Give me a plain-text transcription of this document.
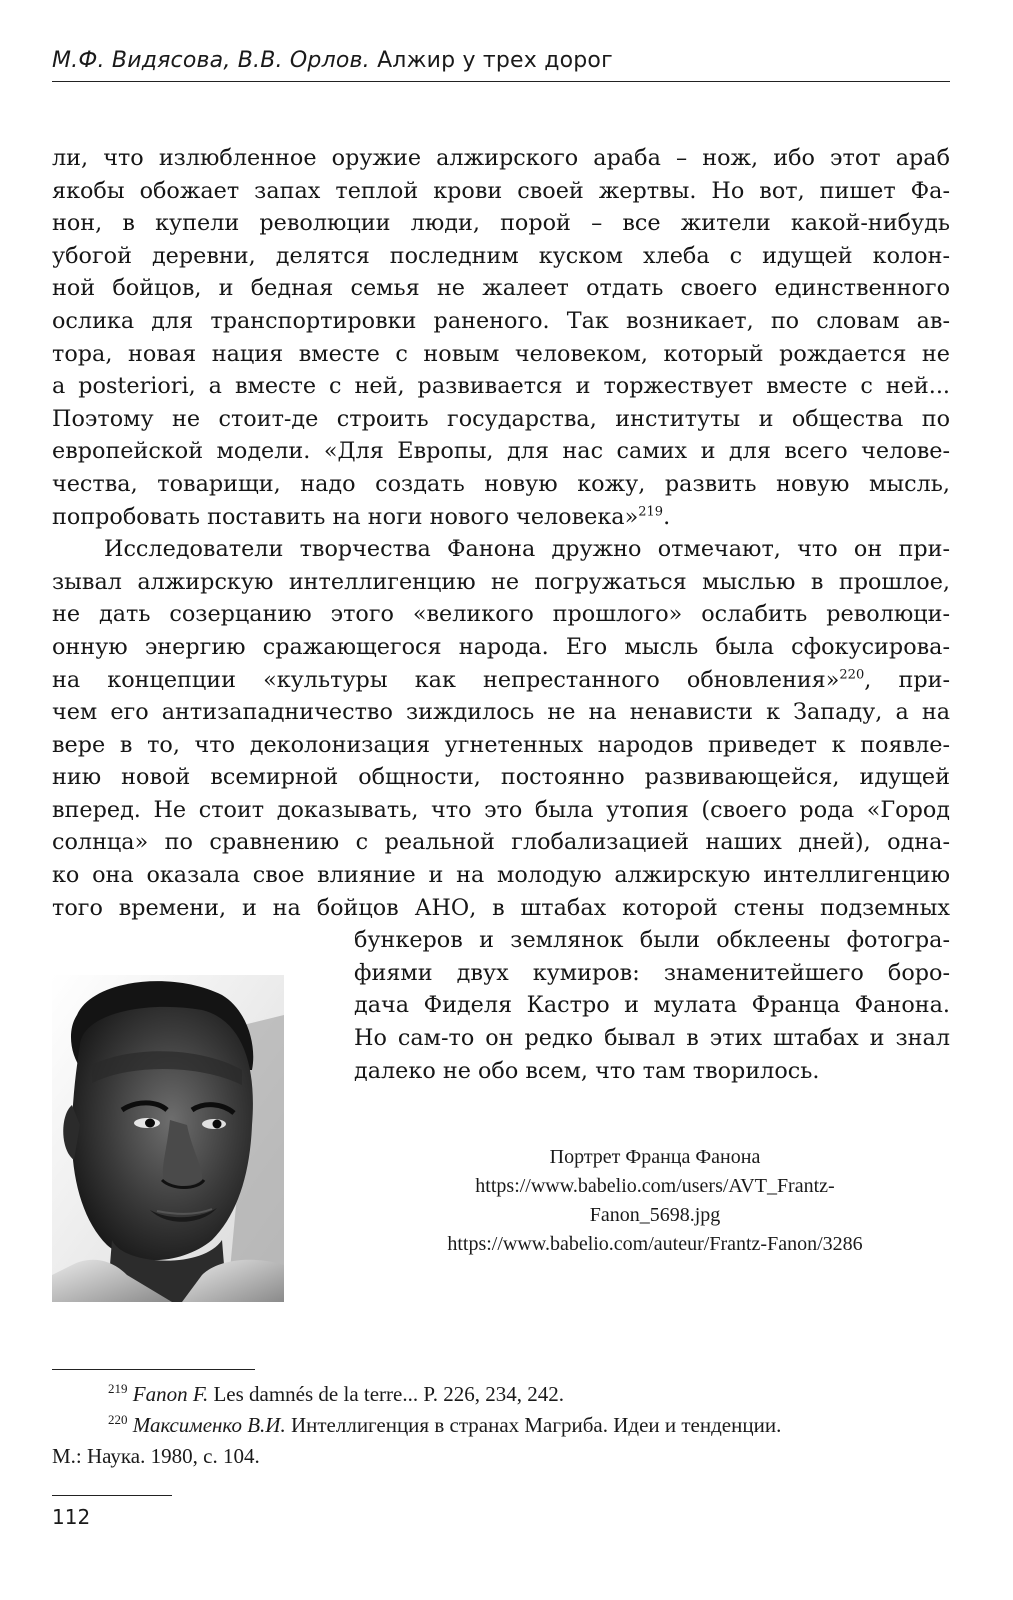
М.Ф. Видясова, В.В. Орлов. Алжир у трех дорог
ли, что излюбленное оружие алжирского араба – нож, ибо этот араб
якобы обожает запах теплой крови своей жертвы. Но вот, пишет Фа-
нон, в купели революции люди, порой – все жители какой-нибудь
убогой деревни, делятся последним куском хлеба с идущей колон-
ной бойцов, и бедная семья не жалеет отдать своего единственного
ослика для транспортировки раненого. Так возникает, по словам ав-
тора, новая нация вместе с новым человеком, который рождается не
a posteriori, а вместе с ней, развивается и торжествует вместе с ней...
Поэтому не стоит-де строить государства, институты и общества по
европейской модели. «Для Европы, для нас самих и для всего челове-
чества, товарищи, надо создать новую кожу, развить новую мысль,
попробовать поставить на ноги нового человека»$^{219}$.
Исследователи творчества Фанона дружно отмечают, что он при-
зывал алжирскую интеллигенцию не погружаться мыслью в прошлое,
не дать созерцанию этого «великого прошлого» ослабить революци-
онную энергию сражающегося народа. Его мысль была сфокусирова-
на концепции «культуры как непрестанного обновления»$^{220}$, при-
чем его антизападничество зиждилось не на ненависти к Западу, а на
вере в то, что деколонизация угнетенных народов приведет к появле-
нию новой всемирной общности, постоянно развивающейся, идущей
вперед. Не стоит доказывать, что это была утопия (своего рода «Город
солнца» по сравнению с реальной глобализацией наших дней), одна-
ко она оказала свое влияние и на молодую алжирскую интеллигенцию
того времени, и на бойцов АНО, в штабах которой стены подземных
бункеров и землянок были обклеены фотогра-
фиями двух кумиров: знаменитейшего боро-
дача Фиделя Кастро и мулата Франца Фанона.
Но сам-то он редко бывал в этих штабах и знал
далеко не обо всем, что там творилось.
Портрет Франца Фанона
https://www.babelio.com/users/AVT_Frantz-
Fanon_5698.jpg
https://www.babelio.com/auteur/Frantz-Fanon/3286
$^{219}$ Fanon F. Les damnés de la terre... P. 226, 234, 242.
$^{220}$ Максименко В.И. Интеллигенция в странах Магриба. Идеи и тенденции.
М.: Наука. 1980, с. 104.
112
